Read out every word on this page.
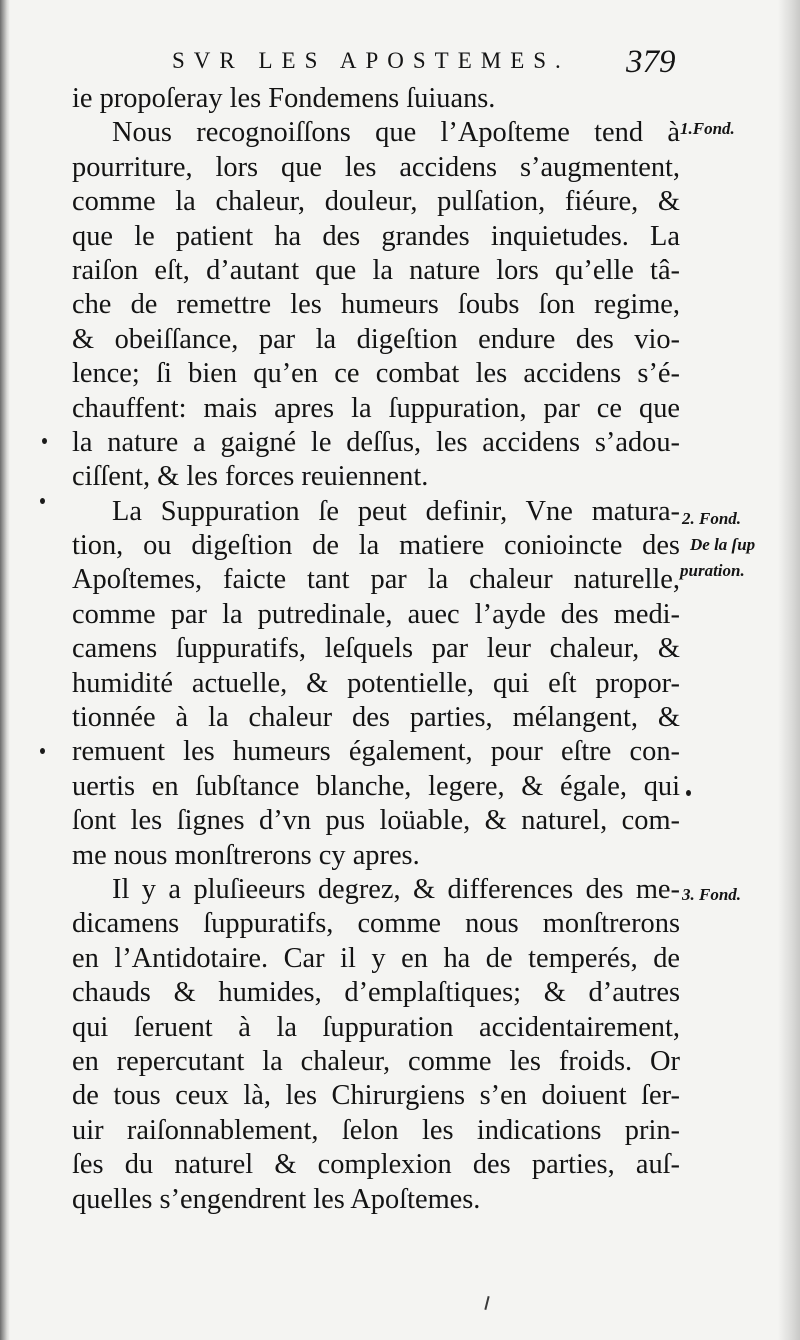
SVR LES APOSTEMES. 379
1.Fond.
2. Fond.
De la ſup
puration.
3. Fond.
ie propoſeray les Fondemens ſuiuans.
Nous recognoiſſons que l’Apoſteme tend à
pourriture, lors que les accidens s’augmentent,
comme la chaleur, douleur, pulſation, fiéure, &
que le patient ha des grandes inquietudes. La
raiſon eſt, d’autant que la nature lors qu’elle tâ-
che de remettre les humeurs ſoubs ſon regime,
& obeiſſance, par la digeſtion endure des vio-
lence; ſi bien qu’en ce combat les accidens s’é-
chauffent: mais apres la ſuppuration, par ce que
la nature a gaigné le deſſus, les accidens s’adou-
ciſſent, & les forces reuiennent.
La Suppuration ſe peut definir, Vne matura-
tion, ou digeſtion de la matiere conioincte des
Apoſtemes, faicte tant par la chaleur naturelle,
comme par la putredinale, auec l’ayde des medi-
camens ſuppuratifs, leſquels par leur chaleur, &
humidité actuelle, & potentielle, qui eſt propor-
tionnée à la chaleur des parties, mélangent, &
remuent les humeurs également, pour eſtre con-
uertis en ſubſtance blanche, legere, & égale, qui
ſont les ſignes d’vn pus loüable, & naturel, com-
me nous monſtrerons cy apres.
Il y a pluſieeurs degrez, & differences des me-
dicamens ſuppuratifs, comme nous monſtrerons
en l’Antidotaire. Car il y en ha de temperés, de
chauds & humides, d’emplaſtiques; & d’autres
qui ſeruent à la ſuppuration accidentairement,
en repercutant la chaleur, comme les froids. Or
de tous ceux là, les Chirurgiens s’en doiuent ſer-
uir raiſonnablement, ſelon les indications prin-
ſes du naturel & complexion des parties, auſ-
quelles s’engendrent les Apoſtemes.
